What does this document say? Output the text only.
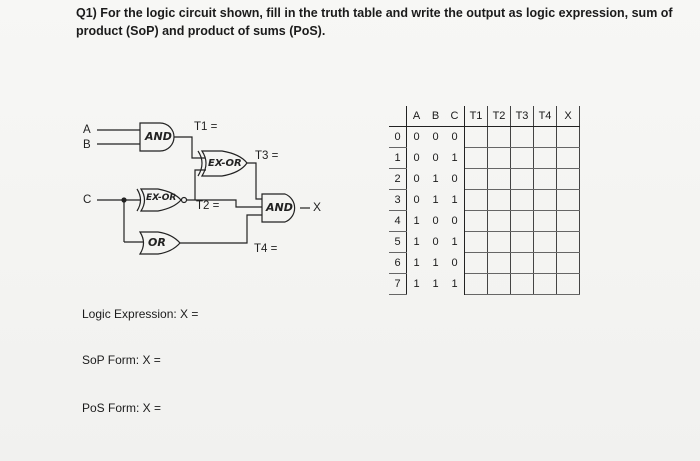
Q1) For the logic circuit shown, fill in the truth table and write the output as logic expression, sum of product (SoP) and product of sums (PoS).
A
B
C
AND
EX-OR
EX-OR
OR
AND
T1 =
T2 =
T3 =
T4 =
X
	A	B	C	T1	T2	T3	T4	X
0	0	0	0					
1	0	0	1					
2	0	1	0					
3	0	1	1					
4	1	0	0					
5	1	0	1					
6	1	1	0					
7	1	1	1					
Logic Expression: X =
SoP Form: X =
PoS Form: X =
